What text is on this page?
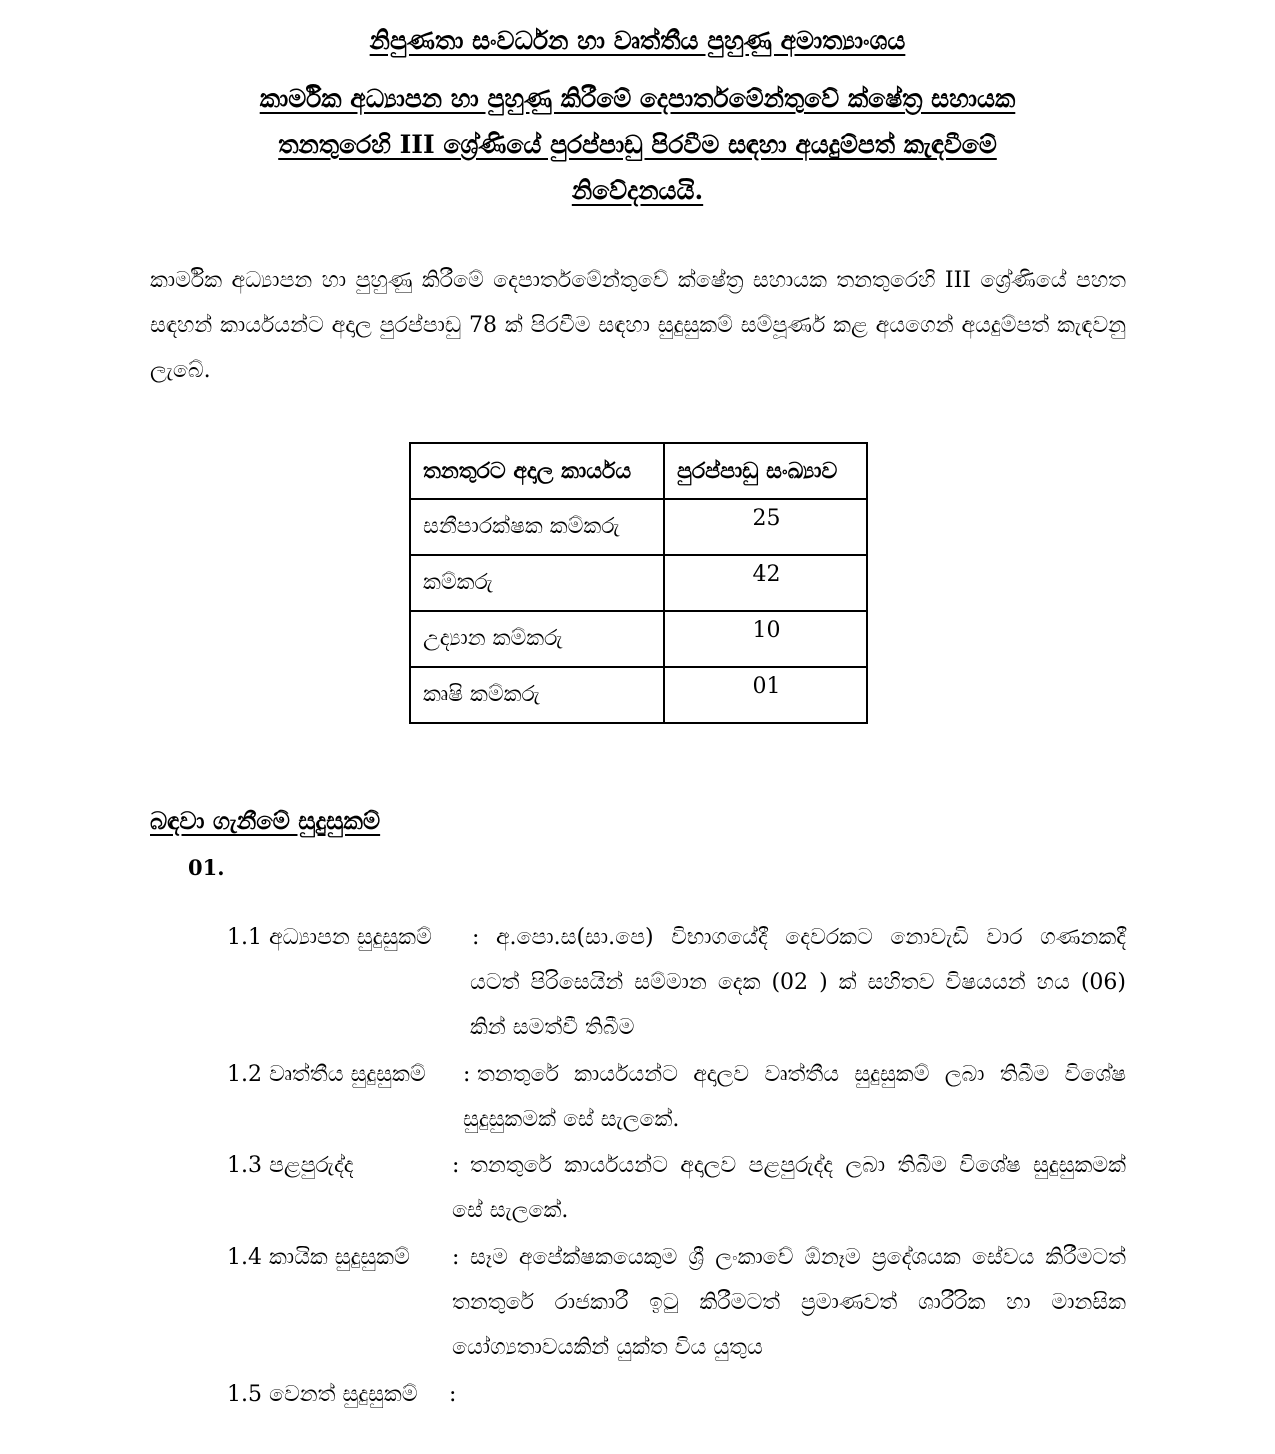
නිපුණතා සංවර්ධන හා වෘත්තීය පුහුණු අමාත්‍යාංශය
කාර්මික අධ්‍යාපන හා පුහුණු කිරීමේ දෙපාර්තමේන්තුවේ ක්ෂේත්‍ර සහායක
තනතුරෙහි III ශ්‍රේණියේ පුරප්පාඩු පිරවීම සඳහා අයදුම්පත් කැඳවීමේ
නිවේදනයයි.
කාර්මික අධ්‍යාපන හා පුහුණු කිරීමේ දෙපාර්තමේන්තුවේ ක්ෂේත්‍ර සහායක තනතුරෙහි III ශ්‍රේණියේ පහත සඳහන් කාර්යයන්ට අදාල පුරප්පාඩු 78 ක් පිරවීම සඳහා සුදුසුකම් සම්පූර්ණ කළ අයගෙන් අයදුම්පත් කැඳවනු ලැබේ.
තනතුරට අදාල කාර්යය	පුරප්පාඩු සංඛ්‍යාව
සනීපාරක්ෂක කම්කරු	25
කම්කරු	42
උද්‍යාන කම්කරු	10
කෘෂි කම්කරු	01
බඳවා ගැනීමේ සුදුසුකම්
01.
1.1 අධ්‍යාපන සුදුසුකම් : අ.පො.ස(සා.පෙ) විභාගයේදී දෙවරකට නොවැඩි වාර ගණනකදී යටත් පිරිසෙයින් සම්මාන දෙක (02 ) ක් සහිතව විෂයයන් හය (06) කින් සමත්වී තිබීම
1.2 වෘත්තීය සුදුසුකම් : තනතුරේ කාර්යයන්ට අදාලව වෘත්තීය සුදුසුකම් ලබා තිබීම විශේෂ සුදුසුකමක් සේ සැලකේ.
1.3 පළපුරුද්ද	: තනතුරේ කාර්යයන්ට අදාලව පළපුරුද්ද ලබා තිබීම විශේෂ සුදුසුකමක් සේ සැලකේ.
1.4 කායික සුදුසුකම් : සෑම අපේක්ෂකයෙකුම ශ්‍රී ලංකාවේ ඕනෑම ප්‍රදේශයක සේවය කිරීමටත් තනතුරේ රාජකාරී ඉටු කිරීමටත් ප්‍රමාණවත් ශාරීරික හා මානසික යෝග්‍යතාවයකින් යුක්ත විය යුතුය
1.5 වෙනත් සුදුසුකම් :
